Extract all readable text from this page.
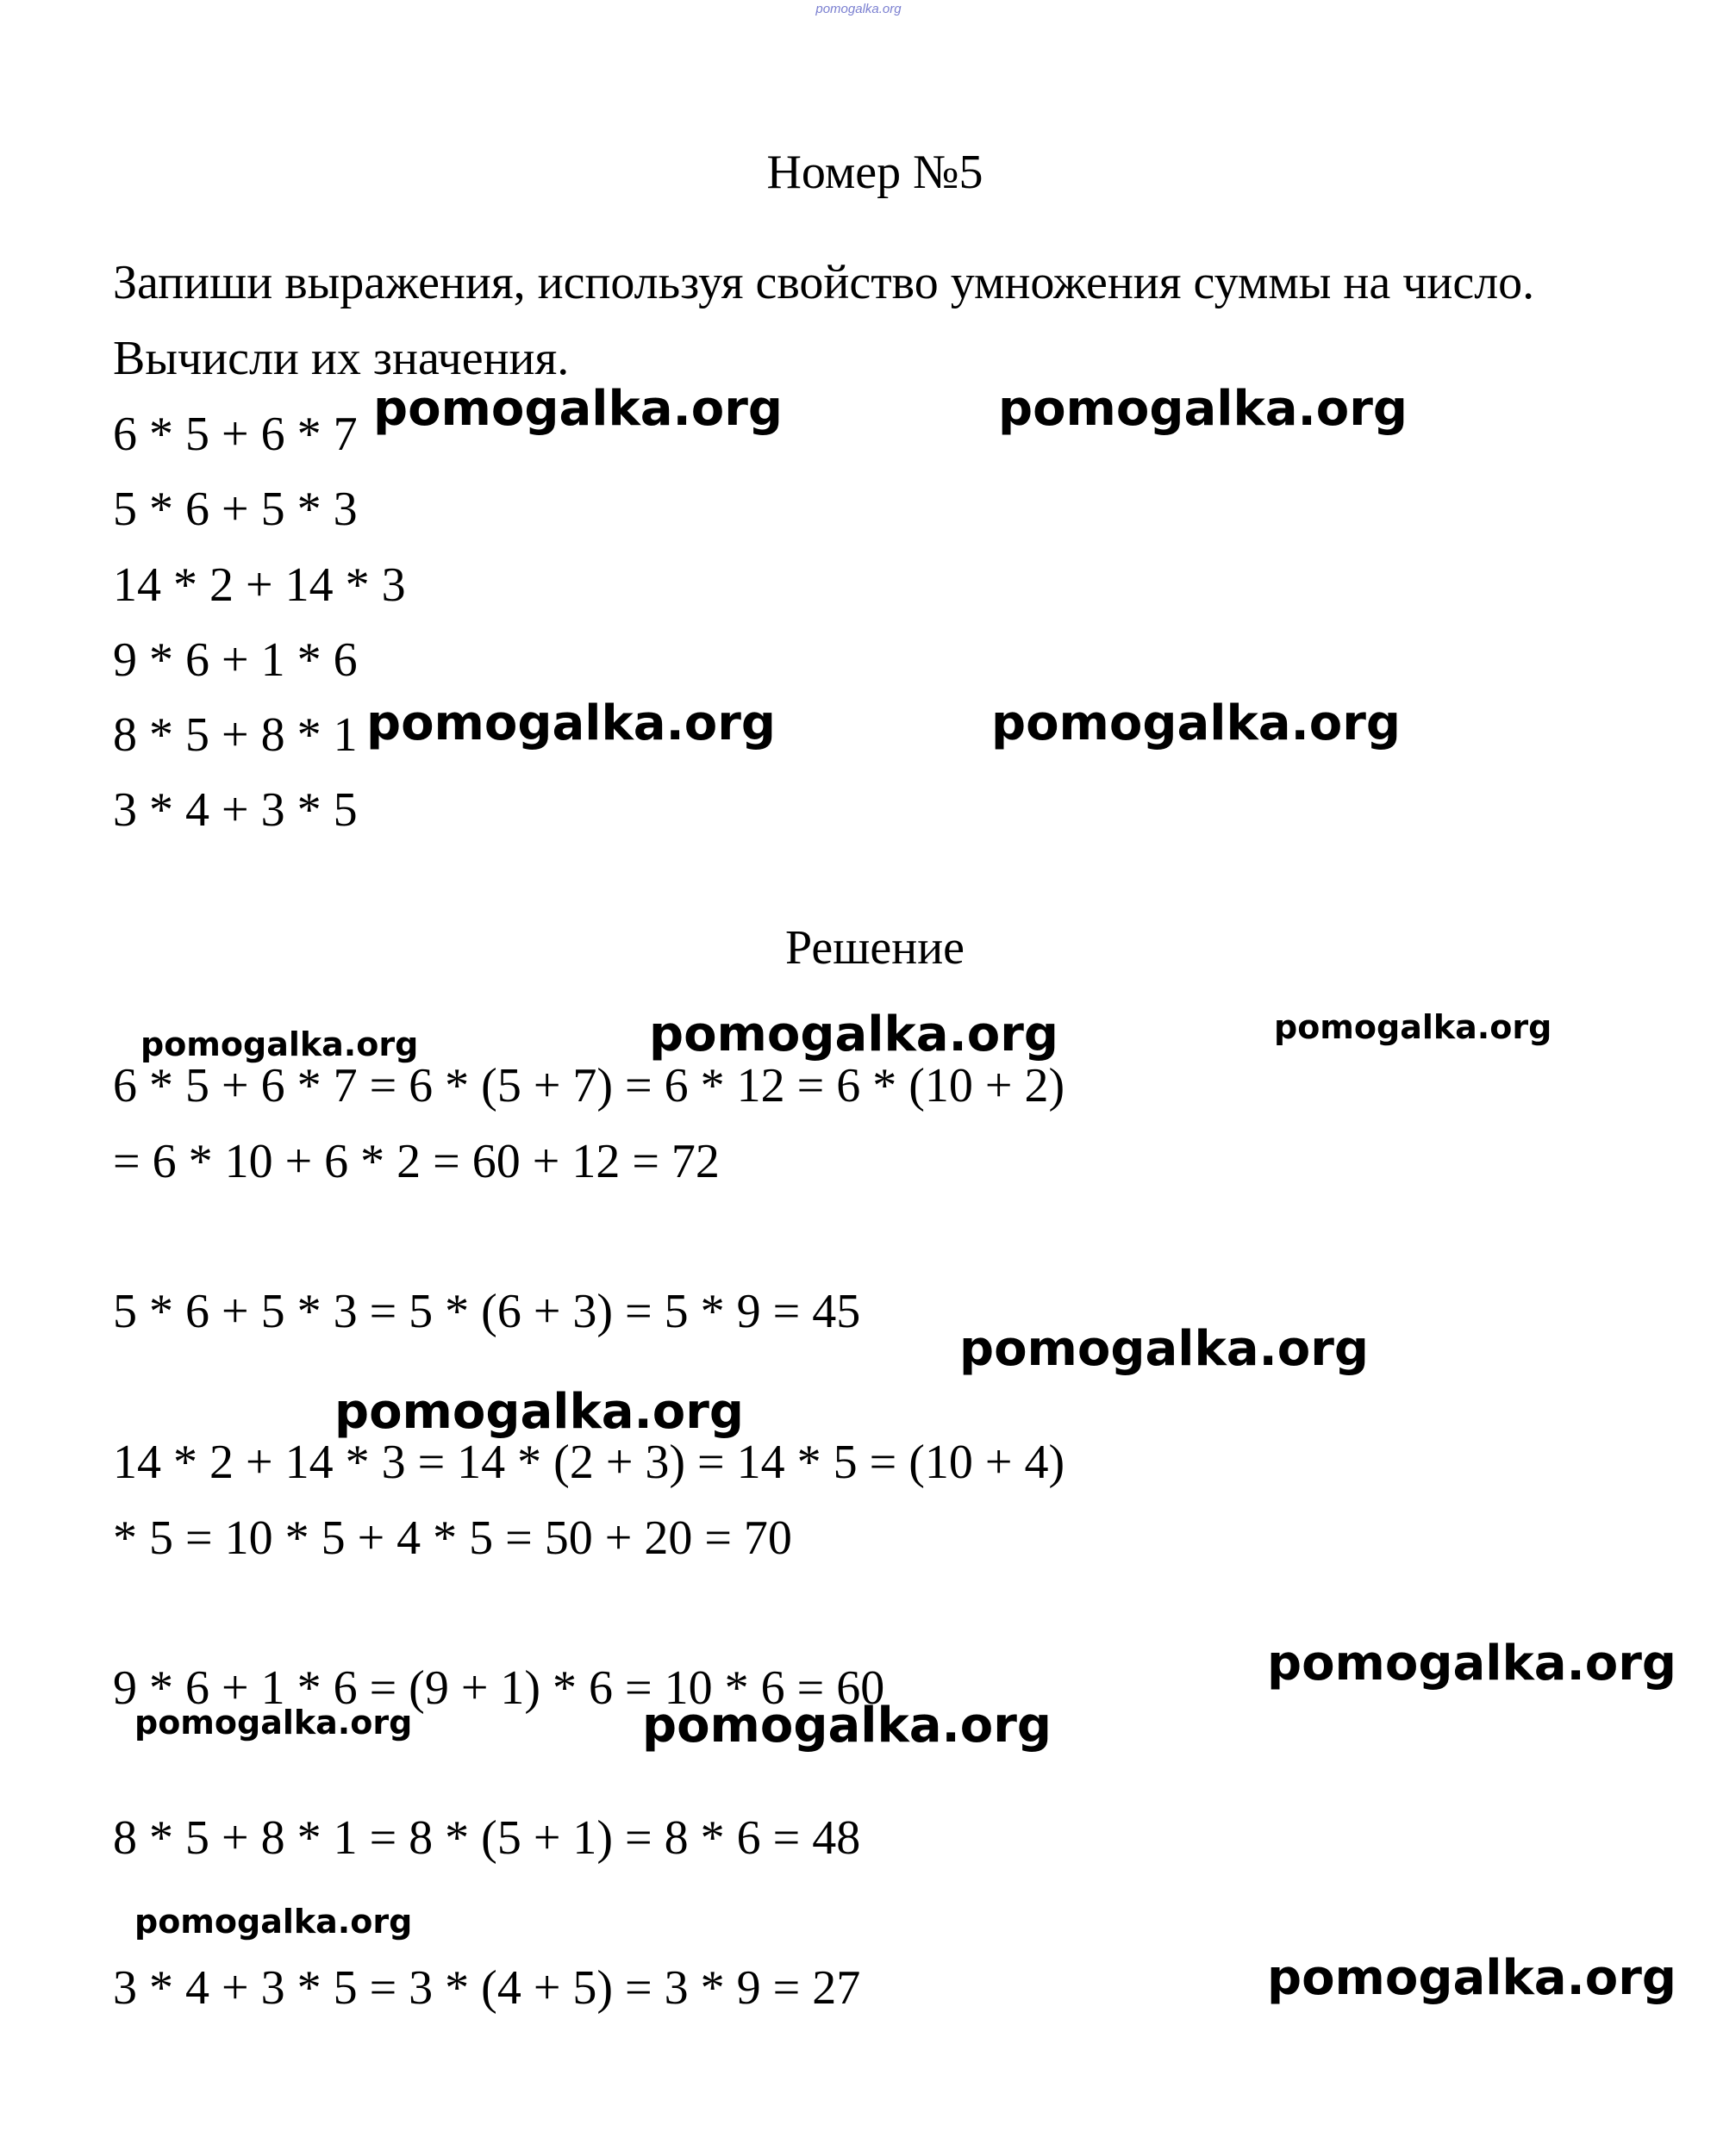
pomogalka.org
Номер №5
Запиши выражения, используя свойство умножения суммы на число.
Вычисли их значения.
6 * 5 + 6 * 7
5 * 6 + 5 * 3
14 * 2 + 14 * 3
9 * 6 + 1 * 6
8 * 5 + 8 * 1
3 * 4 + 3 * 5
Решение
6 * 5 + 6 * 7 = 6 * (5 + 7) = 6 * 12 = 6 * (10 + 2)
= 6 * 10 + 6 * 2 = 60 + 12 = 72
5 * 6 + 5 * 3 = 5 * (6 + 3) = 5 * 9 = 45
14 * 2 + 14 * 3 = 14 * (2 + 3) = 14 * 5 = (10 + 4)
* 5 = 10 * 5 + 4 * 5 = 50 + 20 = 70
9 * 6 + 1 * 6 = (9 + 1) * 6 = 10 * 6 = 60
8 * 5 + 8 * 1 = 8 * (5 + 1) = 8 * 6 = 48
3 * 4 + 3 * 5 = 3 * (4 + 5) = 3 * 9 = 27
pomogalka.org	pomogalka.org
pomogalka.org	pomogalka.org
pomogalka.org	pomogalka.org	pomogalka.org
pomogalka.org
pomogalka.org
pomogalka.org
pomogalka.org	pomogalka.org
pomogalka.org
pomogalka.org
